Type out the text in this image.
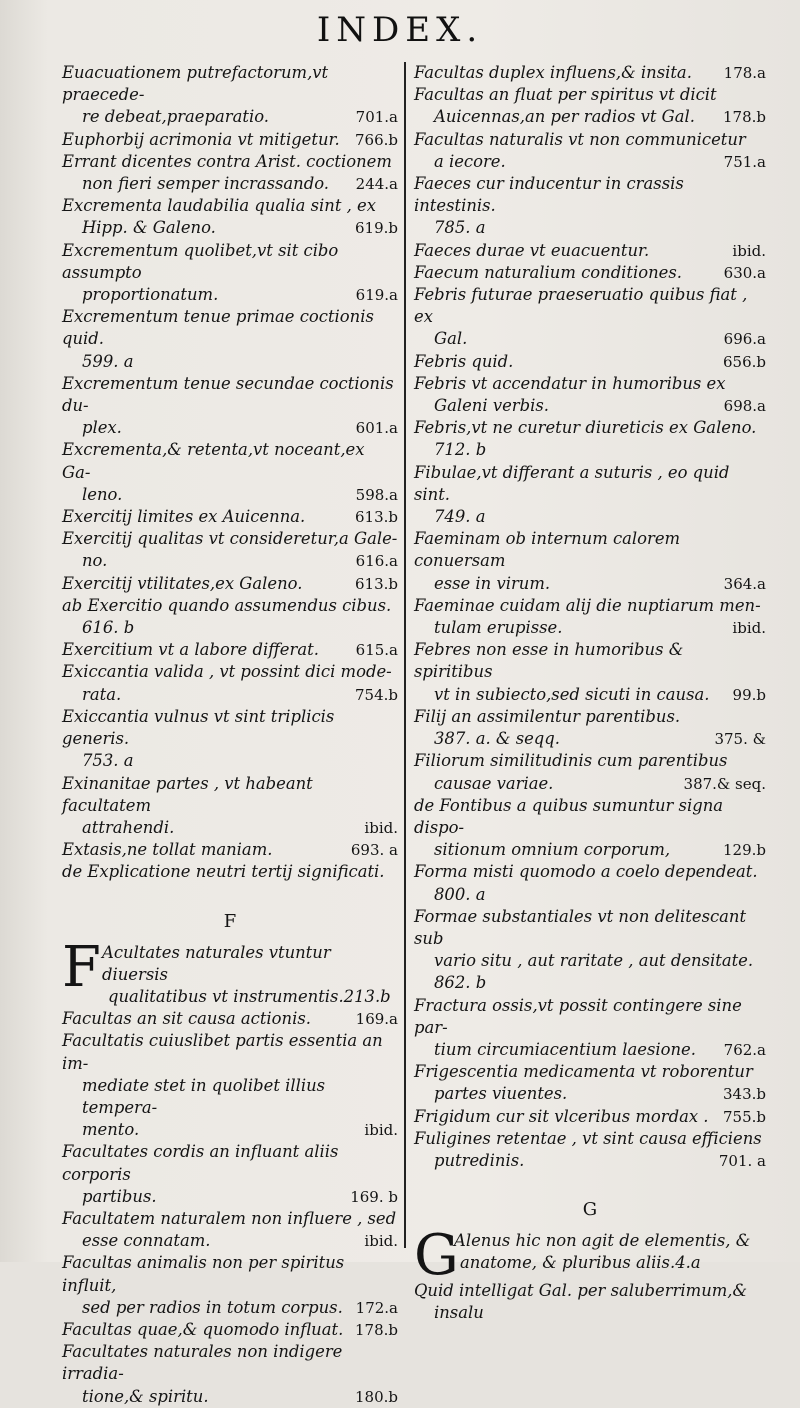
INDEX.
Euacuationem putrefactorum,vt praecede-
re debeat,praeparatio.	701.a
Euphorbij acrimonia vt mitigetur. 766.b
Errant dicentes contra Arist. coctionem
non fieri semper incrassando. 244.a
Excrementa laudabilia qualia sint , ex
Hipp. & Galeno.	619.b
Excrementum quolibet,vt sit cibo assumpto
proportionatum.	619.a
Excrementum tenue primae coctionis quid.
599. a
Excrementum tenue secundae coctionis du-
plex.	601.a
Excrementa,& retenta,vt noceant,ex Ga-
leno.	598.a
Exercitij limites ex Auicenna.	613.b
Exercitij qualitas vt consideretur,a Gale-
no.	616.a
Exercitij vtilitates,ex Galeno.	613.b
ab Exercitio quando assumendus cibus.
616. b
Exercitium vt a labore differat. 615.a
Exiccantia valida , vt possint dici mode-
rata.	754.b
Exiccantia vulnus vt sint triplicis generis.
753. a
Exinanitae partes , vt habeant facultatem
attrahendi.	ibid.
Extasis,ne tollat maniam.	693. a
de Explicatione neutri tertij significati.
F
F Acultates naturales vtuntur diuersis
qualitatibus vt instrumentis.213.b
Facultas an sit causa actionis.	169.a
Facultatis cuiuslibet partis essentia an im-
mediate stet in quolibet illius tempera-
mento.	ibid.
Facultates cordis an influant aliis corporis
partibus.	169. b
Facultatem naturalem non influere , sed
esse connatam.	ibid.
Facultas animalis non per spiritus influit,
sed per radios in totum corpus. 172.a
Facultas quae,& quomodo influat. 178.b
Facultates naturales non indigere irradia-
tione,& spiritu.	180.b
Facultas duplex influens,& insita. 178.a
Facultas an fluat per spiritus vt dicit
Auicennas,an per radios vt Gal. 178.b
Facultas naturalis vt non communicetur
a iecore.	751.a
Faeces cur inducentur in crassis intestinis.
785. a
Faeces durae vt euacuentur.	ibid.
Faecum naturalium conditiones.	630.a
Febris futurae praeseruatio quibus fiat , ex
Gal.	696.a
Febris quid.	656.b
Febris vt accendatur in humoribus ex
Galeni verbis.	698.a
Febris,vt ne curetur diureticis ex Galeno.
712. b
Fibulae,vt differant a suturis , eo quid sint.
749. a
Faeminam ob internum calorem conuersam
esse in virum.	364.a
Faeminae cuidam alij die nuptiarum men-
tulam erupisse.	ibid.
Febres non esse in humoribus & spiritibus
vt in subiecto,sed sicuti in causa. 99.b
Filij an assimilentur parentibus.
387. a. & seqq.	375. &
Filiorum similitudinis cum parentibus
causae variae.	387.& seq.
de Fontibus a quibus sumuntur signa dispo-
sitionum omnium corporum,	129.b
Forma misti quomodo a coelo dependeat.
800. a
Formae substantiales vt non delitescant sub
vario situ , aut raritate , aut densitate.
862. b
Fractura ossis,vt possit contingere sine par-
tium circumiacentium laesione. 762.a
Frigescentia medicamenta vt roborentur
partes viuentes.	343.b
Frigidum cur sit vlceribus mordax . 755.b
Fuligines retentae , vt sint causa efficiens
putredinis.	701. a
G
G
Alenus hic non agit de elementis, &
anatome, & pluribus aliis.4.a
Quid intelligat Gal. per saluberrimum,&
insalu
